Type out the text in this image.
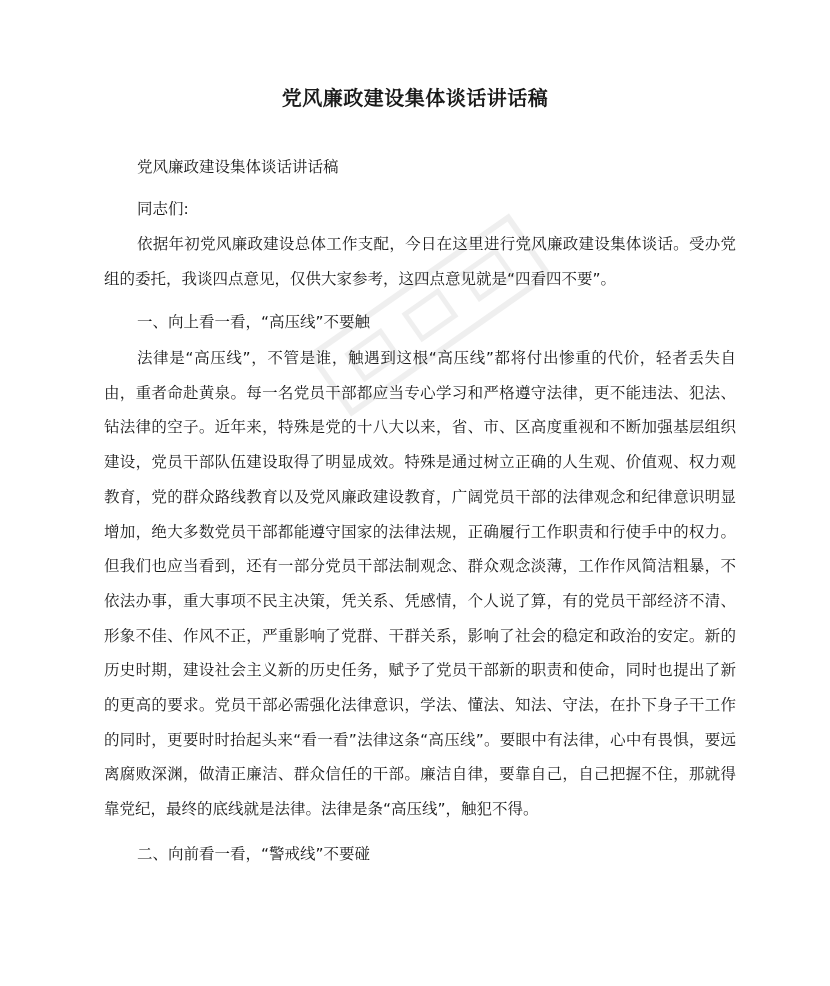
党风廉政建设集体谈话讲话稿

党风廉政建设集体谈话讲话稿

同志们:

依据年初党风廉政建设总体工作支配，今日在这里进行党风廉政建设集体谈话。受办党组的委托，我谈四点意见，仅供大家参考，这四点意见就是“四看四不要”。

一、向上看一看，“高压线”不要触

法律是“高压线”，不管是谁，触遇到这根“高压线”都将付出惨重的代价，轻者丢失自由，重者命赴黄泉。每一名党员干部都应当专心学习和严格遵守法律，更不能违法、犯法、钻法律的空子。近年来，特殊是党的十八大以来，省、市、区高度重视和不断加强基层组织建设，党员干部队伍建设取得了明显成效。特殊是通过树立正确的人生观、价值观、权力观教育，党的群众路线教育以及党风廉政建设教育，广阔党员干部的法律观念和纪律意识明显增加，绝大多数党员干部都能遵守国家的法律法规，正确履行工作职责和行使手中的权力。但我们也应当看到，还有一部分党员干部法制观念、群众观念淡薄，工作作风简洁粗暴，不依法办事，重大事项不民主决策，凭关系、凭感情，个人说了算，有的党员干部经济不清、形象不佳、作风不正，严重影响了党群、干群关系，影响了社会的稳定和政治的安定。新的历史时期，建设社会主义新的历史任务，赋予了党员干部新的职责和使命，同时也提出了新的更高的要求。党员干部必需强化法律意识，学法、懂法、知法、守法，在扑下身子干工作的同时，更要时时抬起头来“看一看”法律这条“高压线”。要眼中有法律，心中有畏惧，要远离腐败深渊，做清正廉洁、群众信任的干部。廉洁自律，要靠自己，自己把握不住，那就得靠党纪，最终的底线就是法律。法律是条“高压线”，触犯不得。

二、向前看一看，“警戒线”不要碰
